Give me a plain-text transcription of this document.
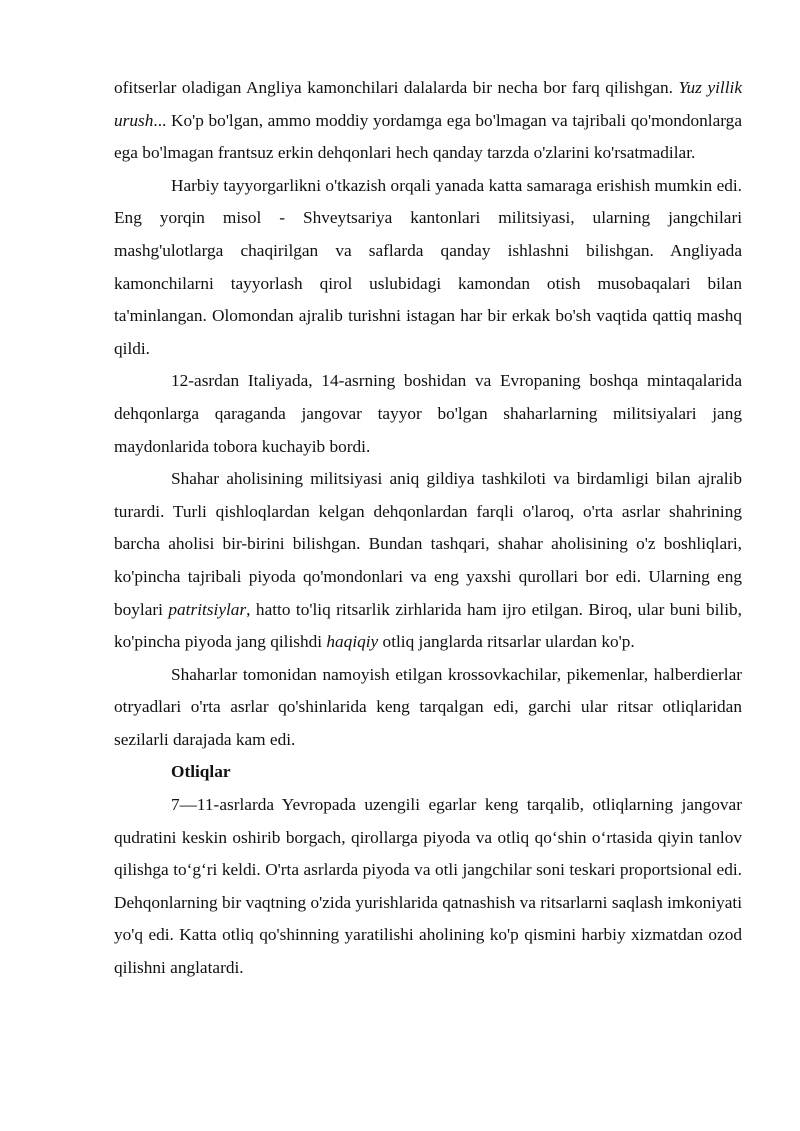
ofitserlar oladigan Angliya kamonchilari dalalarda bir necha bor farq qilishgan. Yuz yillik urush... Ko'p bo'lgan, ammo moddiy yordamga ega bo'lmagan va tajribali qo'mondonlarga ega bo'lmagan frantsuz erkin dehqonlari hech qanday tarzda o'zlarini ko'rsatmadilar.

Harbiy tayyorgarlikni o'tkazish orqali yanada katta samaraga erishish mumkin edi. Eng yorqin misol - Shveytsariya kantonlari militsiyasi, ularning jangchilari mashg'ulotlarga chaqirilgan va saflarda qanday ishlashni bilishgan. Angliyada kamonchilarni tayyorlash qirol uslubidagi kamondan otish musobaqalari bilan ta'minlangan. Olomondan ajralib turishni istagan har bir erkak bo'sh vaqtida qattiq mashq qildi.

12-asrdan Italiyada, 14-asrning boshidan va Evropaning boshqa mintaqalarida dehqonlarga qaraganda jangovar tayyor bo'lgan shaharlarning militsiyalari jang maydonlarida tobora kuchayib bordi.

Shahar aholisining militsiyasi aniq gildiya tashkiloti va birdamligi bilan ajralib turardi. Turli qishloqlardan kelgan dehqonlardan farqli o'laroq, o'rta asrlar shahrining barcha aholisi bir-birini bilishgan. Bundan tashqari, shahar aholisining o'z boshliqlari, ko'pincha tajribali piyoda qo'mondonlari va eng yaxshi qurollari bor edi. Ularning eng boylari patritsiylar, hatto to'liq ritsarlik zirhlarida ham ijro etilgan. Biroq, ular buni bilib, ko'pincha piyoda jang qilishdi haqiqiy otliq janglarda ritsarlar ulardan ko'p.

Shaharlar tomonidan namoyish etilgan krossovkachilar, pikemenlar, halberdierlar otryadlari o'rta asrlar qo'shinlarida keng tarqalgan edi, garchi ular ritsar otliqlaridan sezilarli darajada kam edi.

Otliqlar

7—11-asrlarda Yevropada uzengili egarlar keng tarqalib, otliqlarning jangovar qudratini keskin oshirib borgach, qirollarga piyoda va otliq qo‘shin o‘rtasida qiyin tanlov qilishga to‘g‘ri keldi. O'rta asrlarda piyoda va otli jangchilar soni teskari proportsional edi. Dehqonlarning bir vaqtning o'zida yurishlarida qatnashish va ritsarlarni saqlash imkoniyati yo'q edi. Katta otliq qo'shinning yaratilishi aholining ko'p qismini harbiy xizmatdan ozod qilishni anglatardi.
